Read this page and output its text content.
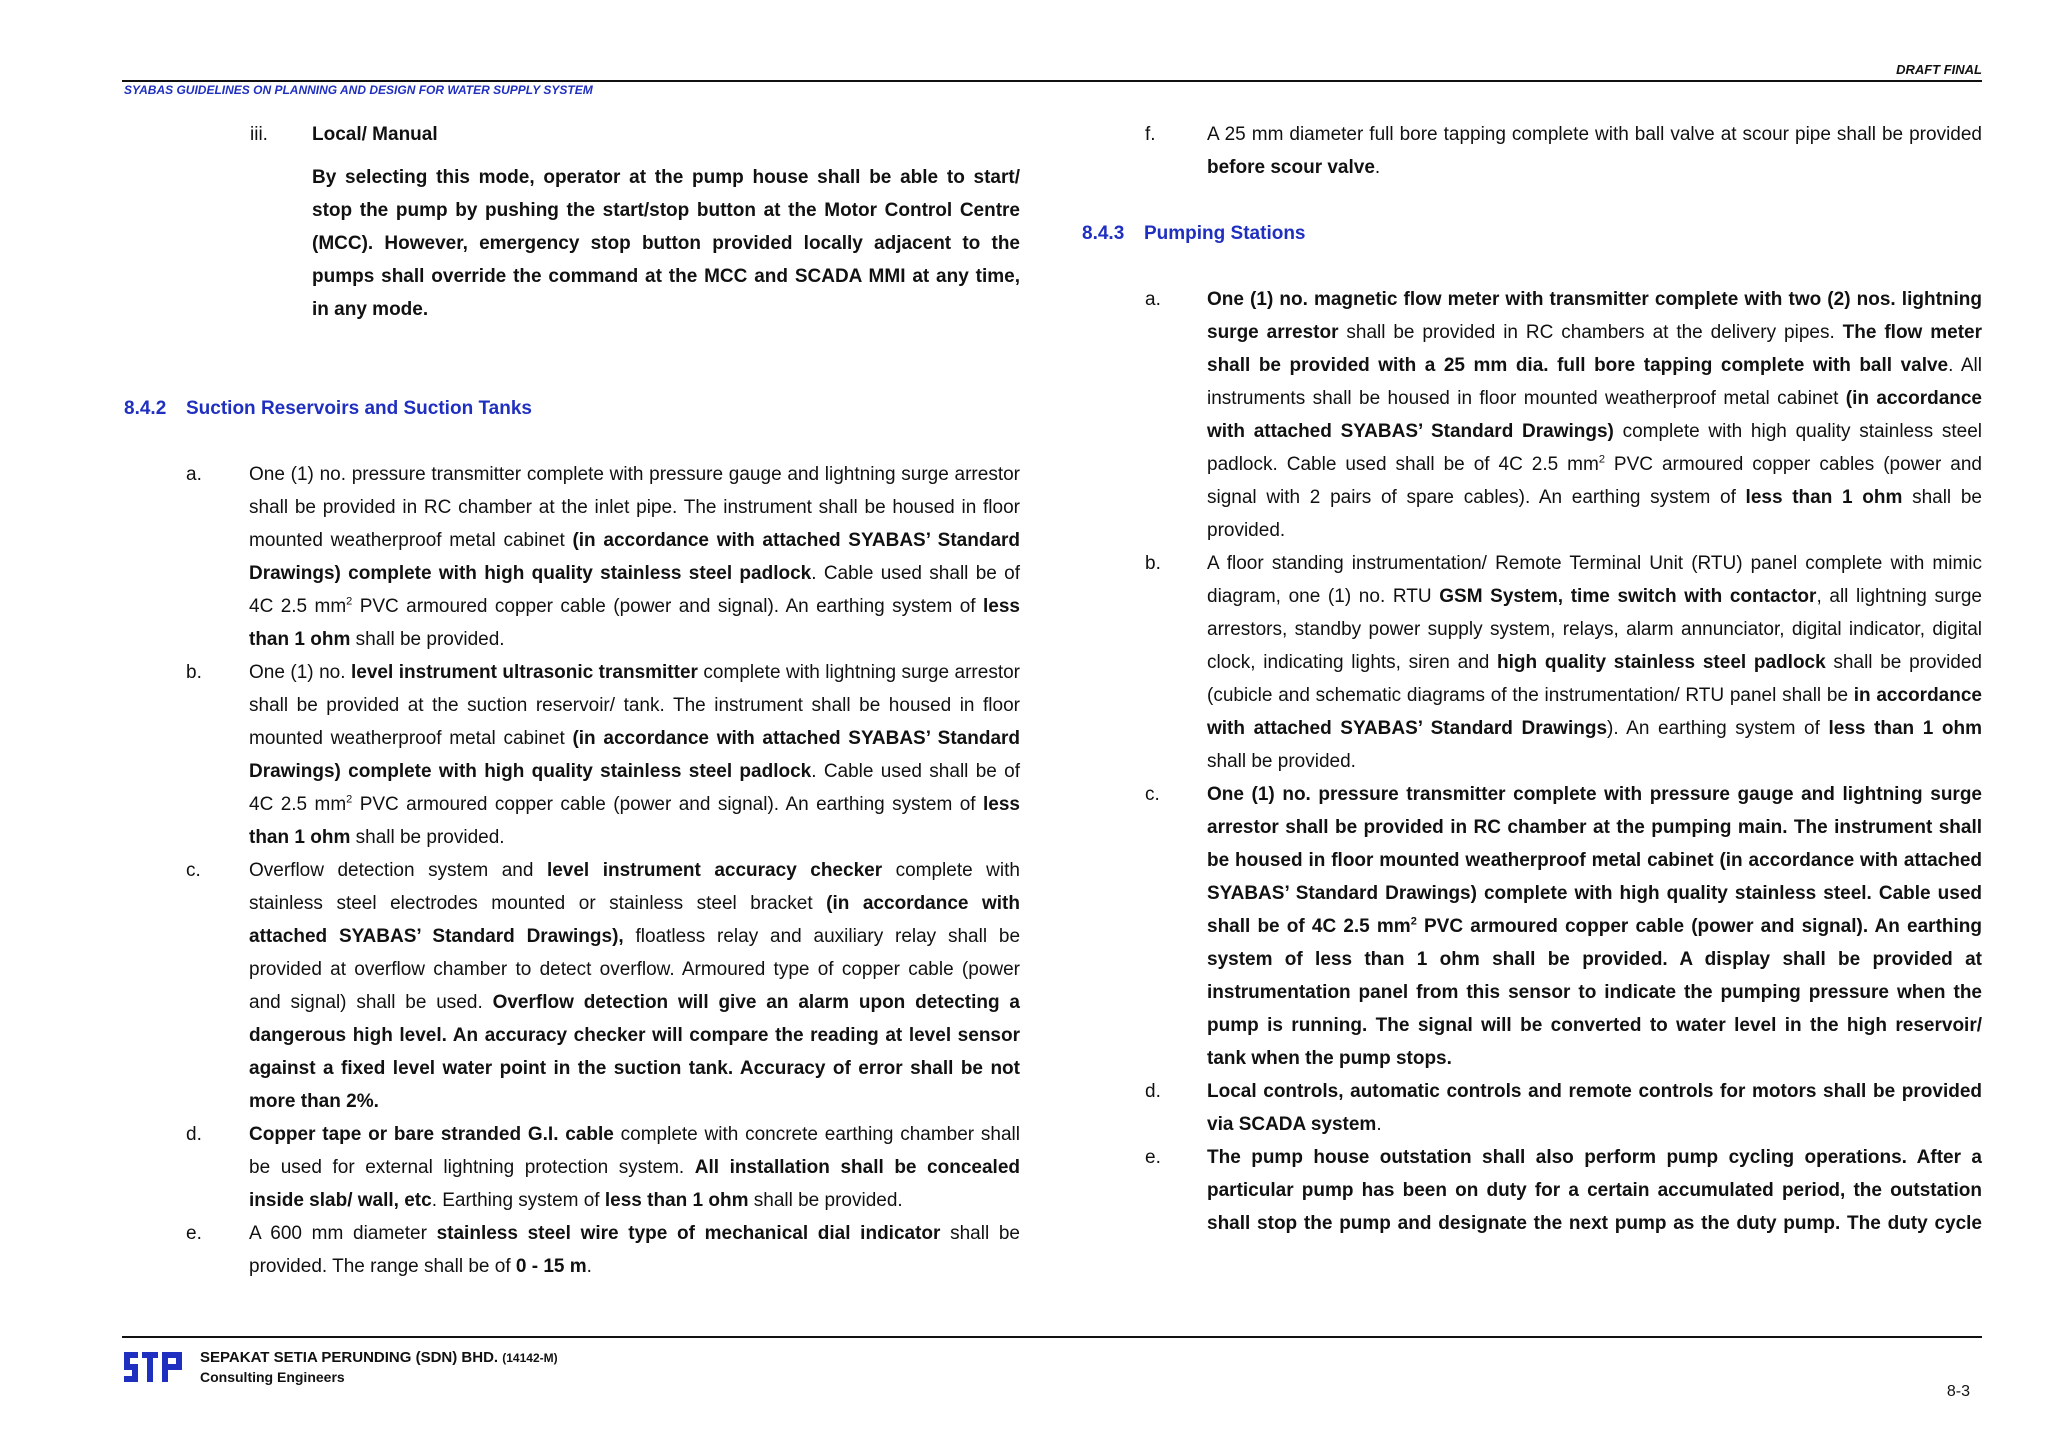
DRAFT FINAL
SYABAS GUIDELINES ON PLANNING AND DESIGN FOR WATER SUPPLY SYSTEM
iii.	Local/ Manual
By selecting this mode, operator at the pump house shall be able to start/ stop the pump by pushing the start/stop button at the Motor Control Centre (MCC). However, emergency stop button provided locally adjacent to the pumps shall override the command at the MCC and SCADA MMI at any time, in any mode.
8.4.2	Suction Reservoirs and Suction Tanks
a.	One (1) no. pressure transmitter complete with pressure gauge and lightning surge arrestor shall be provided in RC chamber at the inlet pipe. The instrument shall be housed in floor mounted weatherproof metal cabinet (in accordance with attached SYABAS’ Standard Drawings) complete with high quality stainless steel padlock. Cable used shall be of 4C 2.5 $mm^2$ PVC armoured copper cable (power and signal). An earthing system of less than 1 ohm shall be provided.

b.	One (1) no. level instrument ultrasonic transmitter complete with lightning surge arrestor shall be provided at the suction reservoir/ tank. The instrument shall be housed in floor mounted weatherproof metal cabinet (in accordance with attached SYABAS’ Standard Drawings) complete with high quality stainless steel padlock. Cable used shall be of 4C 2.5 $mm^2$ PVC armoured copper cable (power and signal). An earthing system of less than 1 ohm shall be provided.

c.	Overflow detection system and level instrument accuracy checker complete with stainless steel electrodes mounted or stainless steel bracket (in accordance with attached SYABAS’ Standard Drawings), floatless relay and auxiliary relay shall be provided at overflow chamber to detect overflow. Armoured type of copper cable (power and signal) shall be used. Overflow detection will give an alarm upon detecting a dangerous high level. An accuracy checker will compare the reading at level sensor against a fixed level water point in the suction tank. Accuracy of error shall be not more than 2%.

d.	Copper tape or bare stranded G.I. cable complete with concrete earthing chamber shall be used for external lightning protection system. All installation shall be concealed inside slab/ wall, etc. Earthing system of less than 1 ohm shall be provided.

e.	A 600 mm diameter stainless steel wire type of mechanical dial indicator shall be provided. The range shall be of 0 - 15 m.

f.	A 25 mm diameter full bore tapping complete with ball valve at scour pipe shall be provided before scour valve.

8.4.3	Pumping Stations
a.	One (1) no. magnetic flow meter with transmitter complete with two (2) nos. lightning surge arrestor shall be provided in RC chambers at the delivery pipes. The flow meter shall be provided with a 25 mm dia. full bore tapping complete with ball valve. All instruments shall be housed in floor mounted weatherproof metal cabinet (in accordance with attached SYABAS’ Standard Drawings) complete with high quality stainless steel padlock. Cable used shall be of 4C 2.5 $mm^2$ PVC armoured copper cables (power and signal with 2 pairs of spare cables). An earthing system of less than 1 ohm shall be provided.

b.	A floor standing instrumentation/ Remote Terminal Unit (RTU) panel complete with mimic diagram, one (1) no. RTU GSM System, time switch with contactor, all lightning surge arrestors, standby power supply system, relays, alarm annunciator, digital indicator, digital clock, indicating lights, siren and high quality stainless steel padlock shall be provided (cubicle and schematic diagrams of the instrumentation/ RTU panel shall be in accordance with attached SYABAS’ Standard Drawings). An earthing system of less than 1 ohm shall be provided.

c.	One (1) no. pressure transmitter complete with pressure gauge and lightning surge arrestor shall be provided in RC chamber at the pumping main. The instrument shall be housed in floor mounted weatherproof metal cabinet (in accordance with attached SYABAS’ Standard Drawings) complete with high quality stainless steel. Cable used shall be of 4C 2.5 $mm^2$ PVC armoured copper cable (power and signal). An earthing system of less than 1 ohm shall be provided. A display shall be provided at instrumentation panel from this sensor to indicate the pumping pressure when the pump is running. The signal will be converted to water level in the high reservoir/ tank when the pump stops.

d.	Local controls, automatic controls and remote controls for motors shall be provided via SCADA system.

e.	The pump house outstation shall also perform pump cycling operations. After a particular pump has been on duty for a certain accumulated period, the outstation shall stop the pump and designate the next pump as the duty pump. The duty cycle

SEPAKAT SETIA PERUNDING (SDN) BHD. (14142-M)
Consulting Engineers
8-3
